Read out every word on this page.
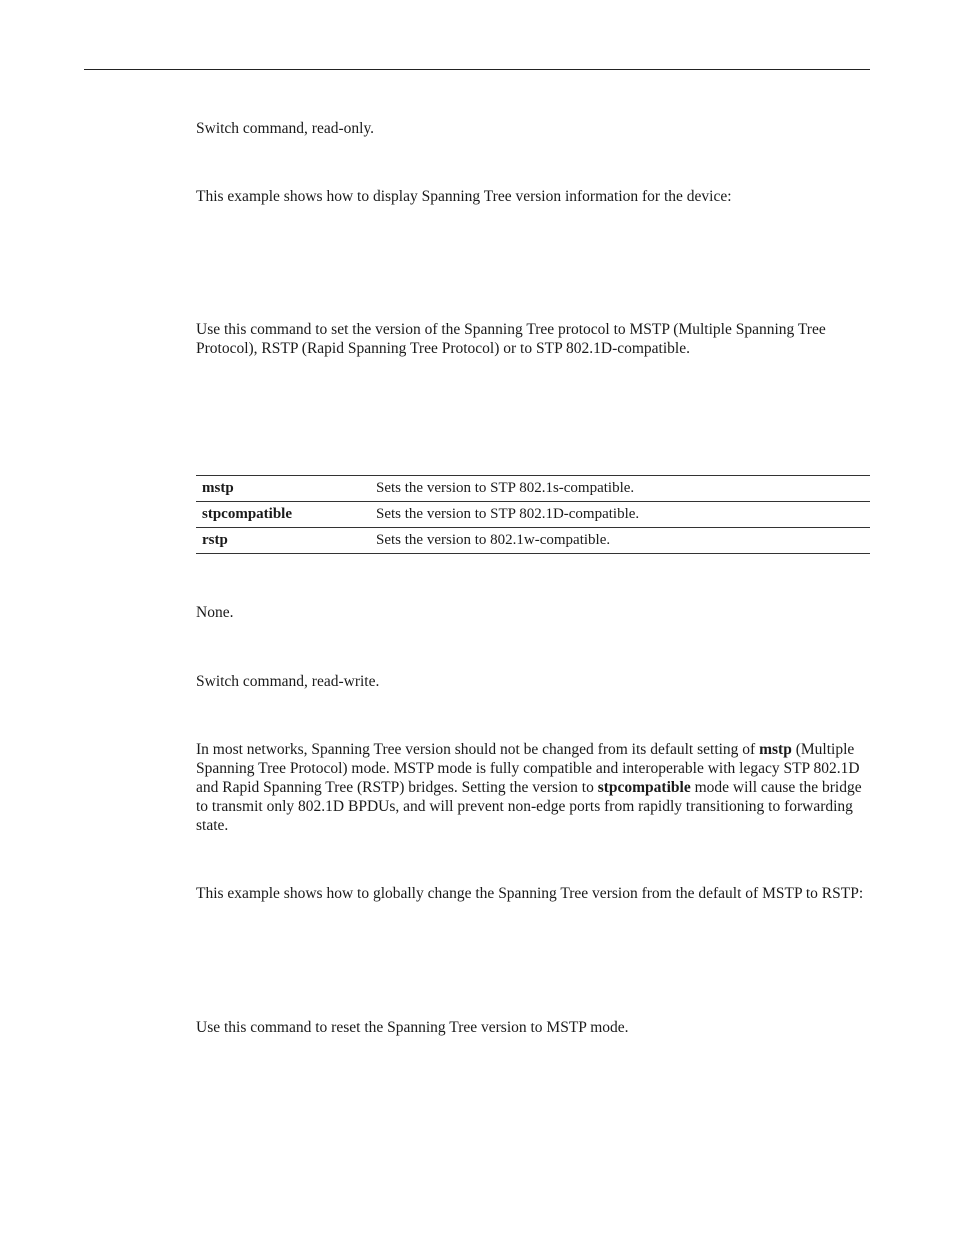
Switch command, read-only.

This example shows how to display Spanning Tree version information for the device:

Use this command to set the version of the Spanning Tree protocol to MSTP (Multiple Spanning Tree Protocol), RSTP (Rapid Spanning Tree Protocol) or to STP 802.1D-compatible.

mstp	Sets the version to STP 802.1s-compatible.
stpcompatible	Sets the version to STP 802.1D-compatible.
rstp	Sets the version to 802.1w-compatible.

None.

Switch command, read-write.

In most networks, Spanning Tree version should not be changed from its default setting of mstp (Multiple Spanning Tree Protocol) mode. MSTP mode is fully compatible and interoperable with legacy STP 802.1D and Rapid Spanning Tree (RSTP) bridges. Setting the version to stpcompatible mode will cause the bridge to transmit only 802.1D BPDUs, and will prevent non-edge ports from rapidly transitioning to forwarding state.

This example shows how to globally change the Spanning Tree version from the default of MSTP to RSTP:

Use this command to reset the Spanning Tree version to MSTP mode.
